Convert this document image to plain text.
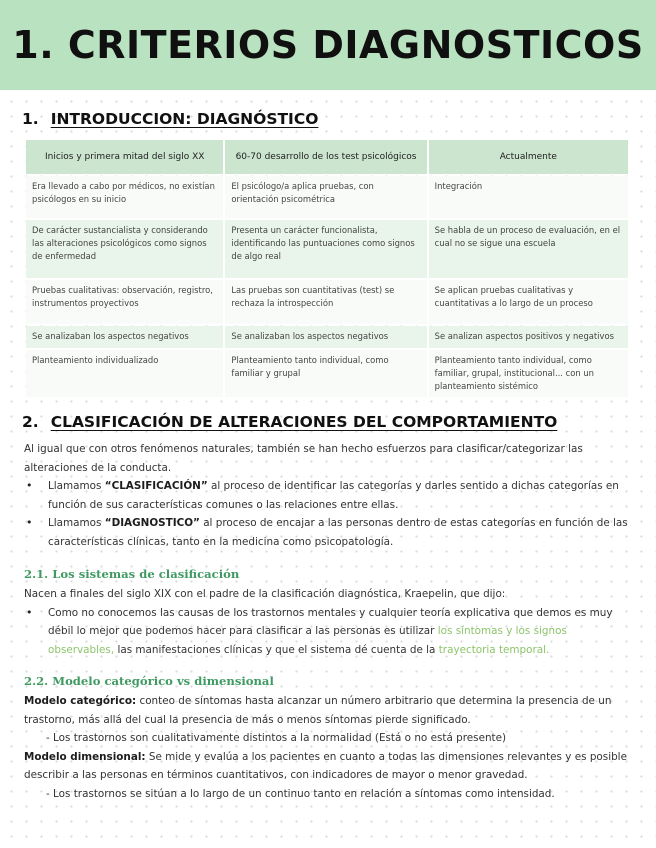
1. CRITERIOS DIAGNOSTICOS
1. INTRODUCCION: DIAGNÓSTICO
Inicios y primera mitad del siglo XX	60-70 desarrollo de los test psicológicos	Actualmente
Era llevado a cabo por médicos, no existían psicólogos en su inicio	El psicólogo/a aplica pruebas, con orientación psicométrica	Integración
De carácter sustancialista y considerando las alteraciones psicológicos como signos de enfermedad	Presenta un carácter funcionalista, identificando las puntuaciones como signos de algo real	Se habla de un proceso de evaluación, en el cual no se sigue una escuela
Pruebas cualitativas: observación, registro, instrumentos proyectivos	Las pruebas son cuantitativas (test) se rechaza la introspección	Se aplican pruebas cualitativas y cuantitativas a lo largo de un proceso
Se analizaban los aspectos negativos	Se analizaban los aspectos negativos	Se analizan aspectos positivos y negativos
Planteamiento individualizado	Planteamiento tanto individual, como familiar y grupal	Planteamiento tanto individual, como familiar, grupal, institucional... con un planteamiento sistémico
2. CLASIFICACIÓN DE ALTERACIONES DEL COMPORTAMIENTO

Al igual que con otros fenómenos naturales, también se han hecho esfuerzos para clasificar/categorizar las alteraciones de la conducta.

• Llamamos “CLASIFICACIÓN” al proceso de identificar las categorías y darles sentido a dichas categorías en función de sus características comunes o las relaciones entre ellas.
• Llamamos “DIAGNOSTICO” al proceso de encajar a las personas dentro de estas categorías en función de las características clínicas, tanto en la medicina como psicopatología.
2.1. Los sistemas de clasificación

Nacen a finales del siglo XIX con el padre de la clasificación diagnóstica, Kraepelin, que dijo:

• Como no conocemos las causas de los trastornos mentales y cualquier teoría explicativa que demos es muy débil lo mejor que podemos hacer para clasificar a las personas es utilizar los síntomas y los signos observables, las manifestaciones clínicas y que el sistema dé cuenta de la trayectoria temporal.
2.2. Modelo categórico vs dimensional

Modelo categórico: conteo de síntomas hasta alcanzar un número arbitrario que determina la presencia de un trastorno, más allá del cual la presencia de más o menos síntomas pierde significado.

- Los trastornos son cualitativamente distintos a la normalidad (Está o no está presente)

Modelo dimensional: Se mide y evalúa a los pacientes en cuanto a todas las dimensiones relevantes y es posible describir a las personas en términos cuantitativos, con indicadores de mayor o menor gravedad.

- Los trastornos se sitúan a lo largo de un continuo tanto en relación a síntomas como intensidad.
